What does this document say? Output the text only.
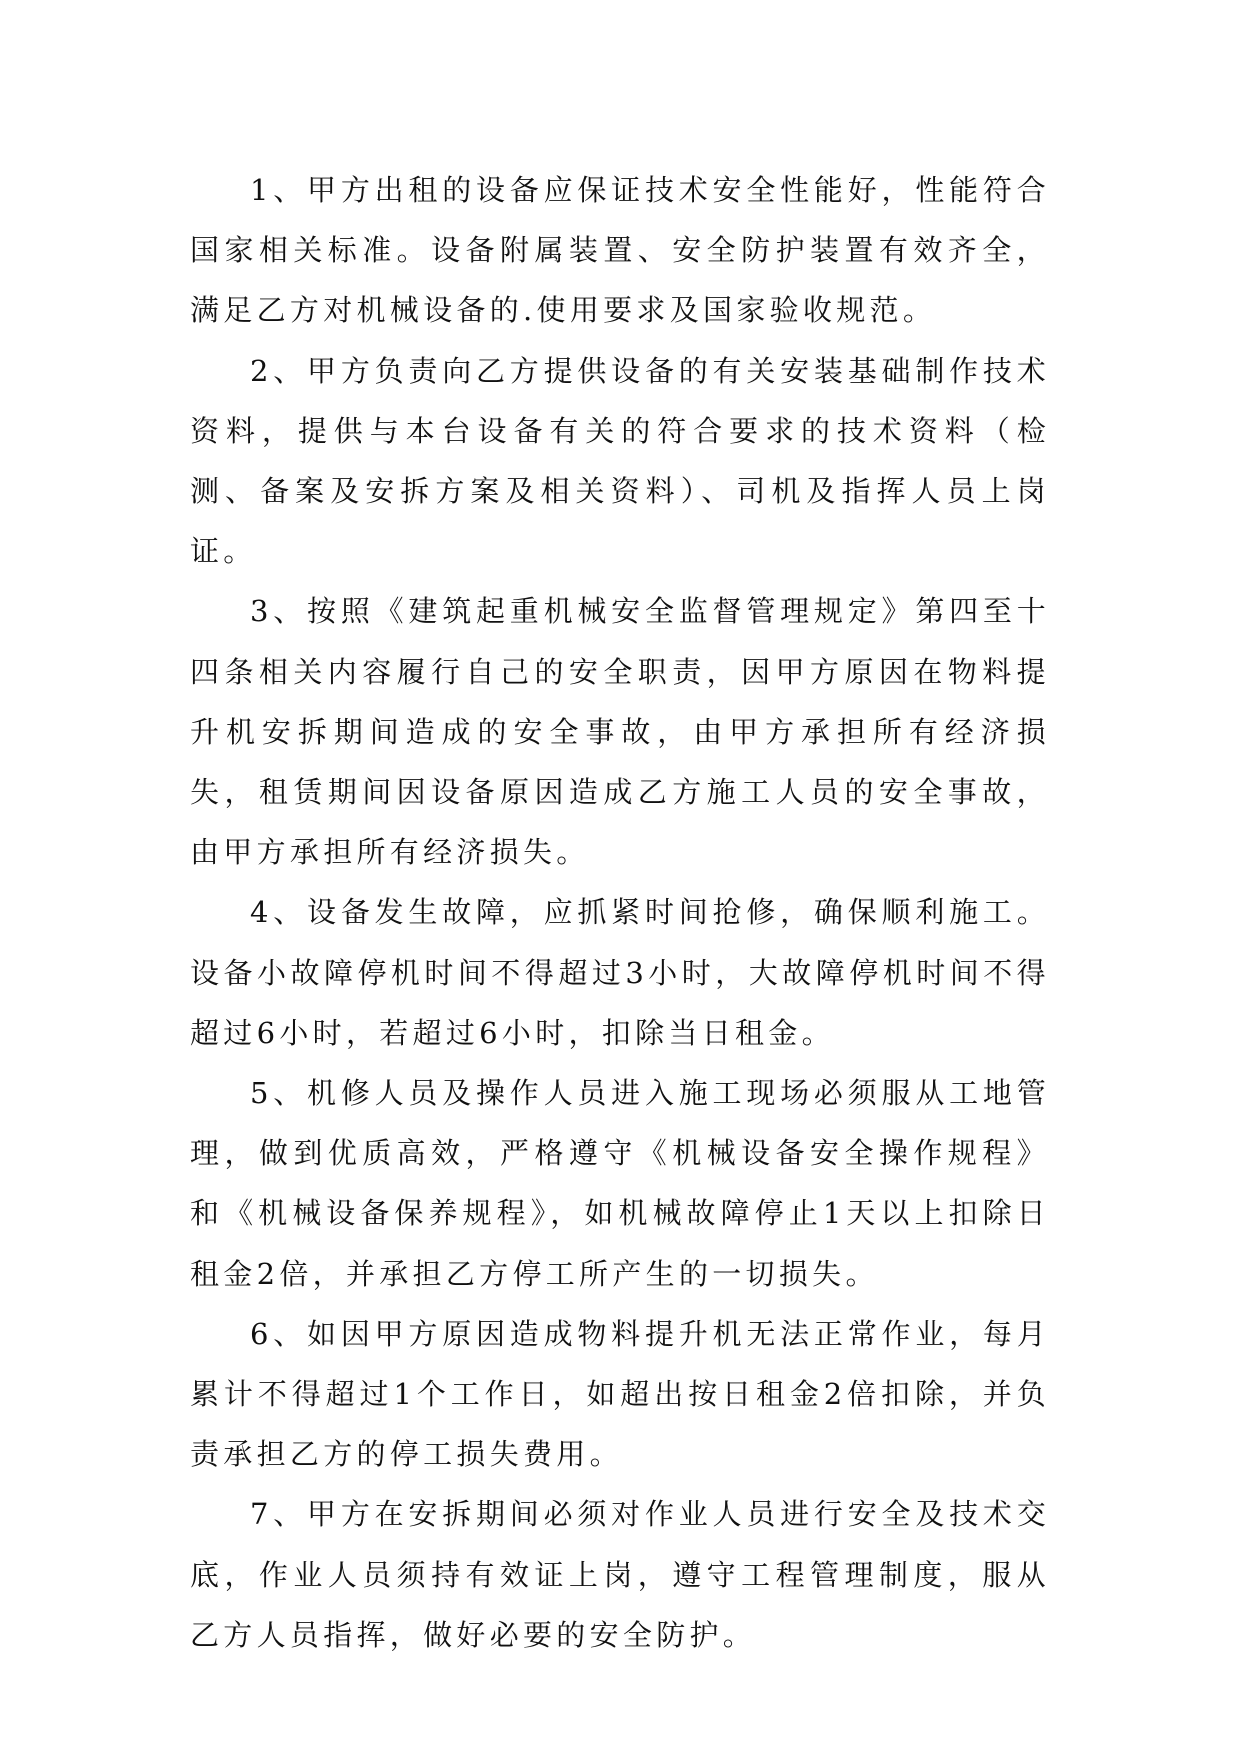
1、甲方出租的设备应保证技术安全性能好，性能符合国家相关标准。设备附属装置、安全防护装置有效齐全，满足乙方对机械设备的.使用要求及国家验收规范。

2、甲方负责向乙方提供设备的有关安装基础制作技术资料，提供与本台设备有关的符合要求的技术资料（检测、备案及安拆方案及相关资料）、司机及指挥人员上岗证。

3、按照《建筑起重机械安全监督管理规定》第四至十四条相关内容履行自己的安全职责，因甲方原因在物料提升机安拆期间造成的安全事故，由甲方承担所有经济损失，租赁期间因设备原因造成乙方施工人员的安全事故，由甲方承担所有经济损失。

4、设备发生故障，应抓紧时间抢修，确保顺利施工。设备小故障停机时间不得超过3小时，大故障停机时间不得超过6小时，若超过6小时，扣除当日租金。

5、机修人员及操作人员进入施工现场必须服从工地管理，做到优质高效，严格遵守《机械设备安全操作规程》和《机械设备保养规程》，如机械故障停止1天以上扣除日租金2倍，并承担乙方停工所产生的一切损失。

6、如因甲方原因造成物料提升机无法正常作业，每月累计不得超过1个工作日，如超出按日租金2倍扣除，并负责承担乙方的停工损失费用。

7、甲方在安拆期间必须对作业人员进行安全及技术交底，作业人员须持有效证上岗，遵守工程管理制度，服从乙方人员指挥，做好必要的安全防护。
